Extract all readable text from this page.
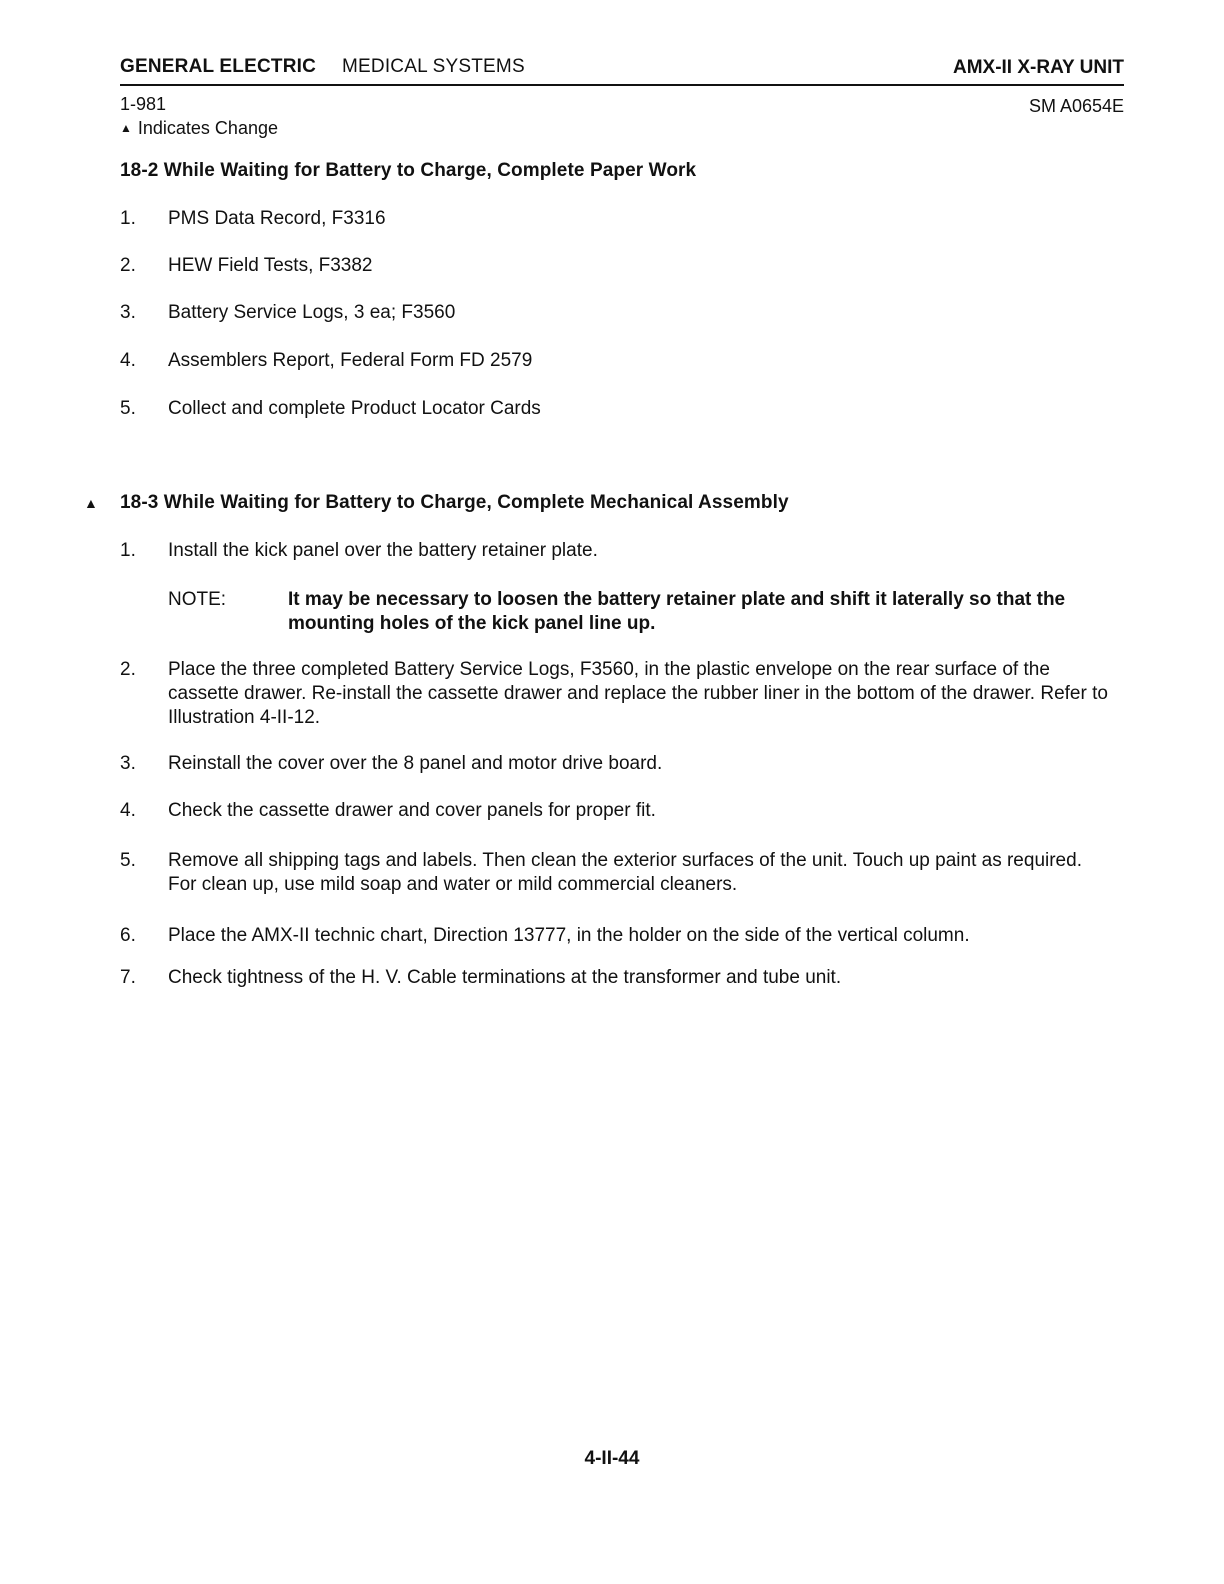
GENERAL ELECTRIC MEDICAL SYSTEMS	AMX-II X-RAY UNIT
1-981	SM A0654E
▲ Indicates Change
18-2 While Waiting for Battery to Charge, Complete Paper Work
1. PMS Data Record, F3316
2. HEW Field Tests, F3382
3. Battery Service Logs, 3 ea; F3560
4. Assemblers Report, Federal Form FD 2579
5. Collect and complete Product Locator Cards
▲ 18-3 While Waiting for Battery to Charge, Complete Mechanical Assembly
1. Install the kick panel over the battery retainer plate.
NOTE:	It may be necessary to loosen the battery retainer plate and shift it laterally so that the mounting holes of the kick panel line up.
2. Place the three completed Battery Service Logs, F3560, in the plastic envelope on the rear surface of the cassette drawer. Re-install the cassette drawer and replace the rubber liner in the bottom of the drawer. Refer to Illustration 4-II-12.
3. Reinstall the cover over the 8 panel and motor drive board.
4. Check the cassette drawer and cover panels for proper fit.
5. Remove all shipping tags and labels. Then clean the exterior surfaces of the unit. Touch up paint as required. For clean up, use mild soap and water or mild commercial cleaners.
6. Place the AMX-II technic chart, Direction 13777, in the holder on the side of the vertical column.
7. Check tightness of the H. V. Cable terminations at the transformer and tube unit.
4-II-44
